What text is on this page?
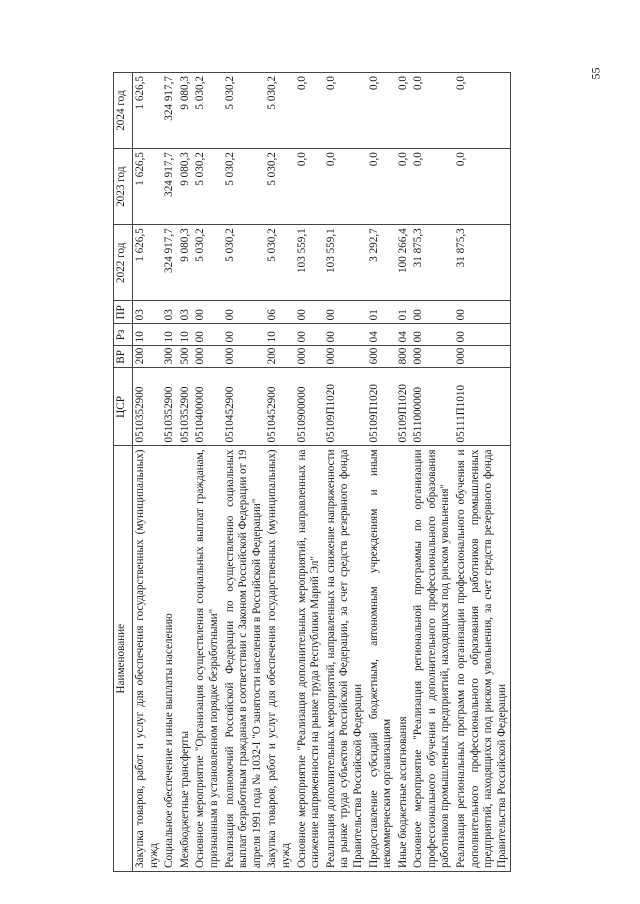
55
Наименование	ЦСР	ВР	Рз	ПР	2022 год	2023 год	2024 год
Закупка товаров, работ и услуг для обеспечения государственных (муниципальных) нужд	0510352900	200	10	03	1 626,5	1 626,5	1 626,5
Социальное обеспечение и иные выплаты населению	0510352900	300	10	03	324 917,7	324 917,7	324 917,7
Межбюджетные трансферты	0510352900	500	10	03	9 080,3	9 080,3	9 080,3
Основное мероприятие "Организация осуществления социальных выплат гражданам, признанным в установленном порядке безработными"	0510400000	000	00	00	5 030,2	5 030,2	5 030,2
Реализация полномочий Российской Федерации по осуществлению социальных выплат безработным гражданам в соответствии с Законом Российской Федерации от 19 апреля 1991 года № 1032-I "О занятости населения в Российской Федерации"	0510452900	000	00	00	5 030,2	5 030,2	5 030,2
Закупка товаров, работ и услуг для обеспечения государственных (муниципальных) нужд	0510452900	200	10	06	5 030,2	5 030,2	5 030,2
Основное мероприятие "Реализация дополнительных мероприятий, направленных на снижение напряженности на рынке труда Республики Марий Эл"	0510900000	000	00	00	103 559,1	0,0	0,0
Реализация дополнительных мероприятий, направленных на снижение напряженности на рынке труда субъектов Российской Федерации, за счет средств резервного фонда Правительства Российской Федерации	05109П1020	000	00	00	103 559,1	0,0	0,0
Предоставление субсидий бюджетным, автономным учреждениям и иным некоммерческим организациям	05109П1020	600	04	01	3 292,7	0,0	0,0
Иные бюджетные ассигнования	05109П1020	800	04	01	100 266,4	0,0	0,0
Основное мероприятие "Реализация региональной программы по организации профессионального обучения и дополнительного профессионального образования работников промышленных предприятий, находящихся под риском увольнения"	0511000000	000	00	00	31 875,3	0,0	0,0
Реализация региональных программ по организации профессионального обучения и дополнительного профессионального образования работников промышленных предприятий, находящихся под риском увольнения, за счет средств резервного фонда Правительства Российской Федерации	05111П1010	000	00	00	31 875,3	0,0	0,0
